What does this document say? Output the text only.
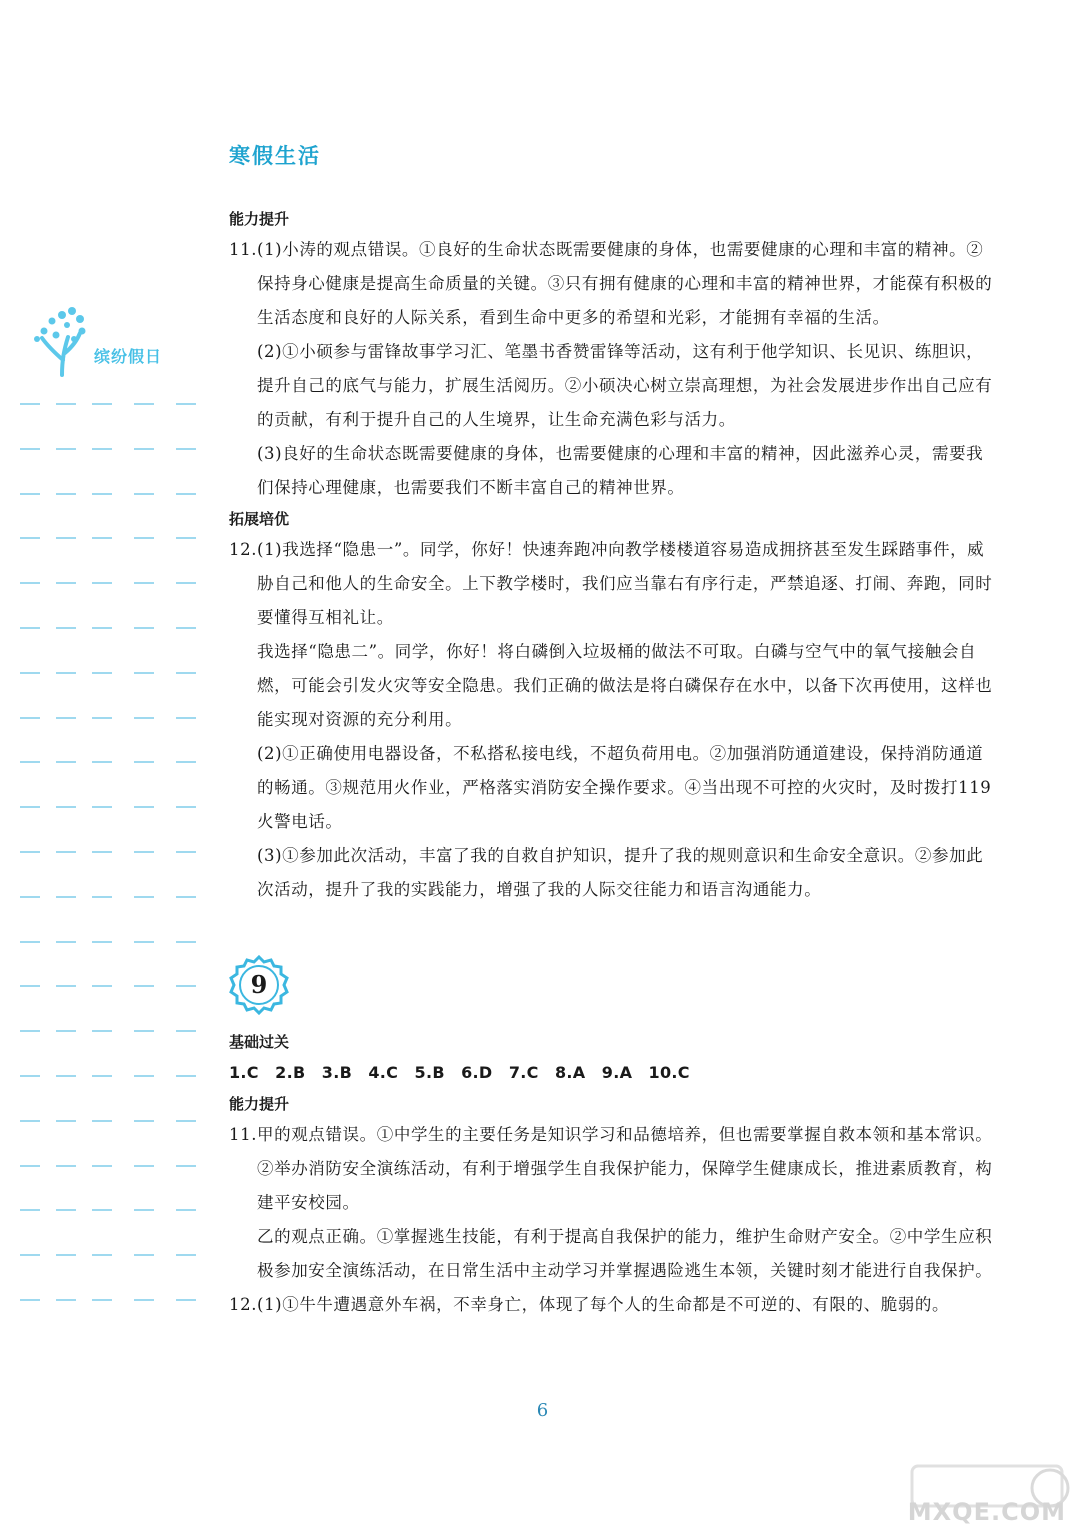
寒假生活
缤纷假日

能力提升

11.(1)小涛的观点错误。①良好的生命状态既需要健康的身体，也需要健康的心理和丰富的精神。②保持身心健康是提高生命质量的关键。③只有拥有健康的心理和丰富的精神世界，才能葆有积极的生活态度和良好的人际关系，看到生命中更多的希望和光彩，才能拥有幸福的生活。

(2)①小硕参与雷锋故事学习汇、笔墨书香赞雷锋等活动，这有利于他学知识、长见识、练胆识，提升自己的底气与能力，扩展生活阅历。②小硕决心树立崇高理想，为社会发展进步作出自己应有的贡献，有利于提升自己的人生境界，让生命充满色彩与活力。

(3)良好的生命状态既需要健康的身体，也需要健康的心理和丰富的精神，因此滋养心灵，需要我们保持心理健康，也需要我们不断丰富自己的精神世界。

拓展培优

12.(1)我选择“隐患一”。同学，你好！快速奔跑冲向教学楼楼道容易造成拥挤甚至发生踩踏事件，威胁自己和他人的生命安全。上下教学楼时，我们应当靠右有序行走，严禁追逐、打闹、奔跑，同时要懂得互相礼让。

我选择“隐患二”。同学，你好！将白磷倒入垃圾桶的做法不可取。白磷与空气中的氧气接触会自燃，可能会引发火灾等安全隐患。我们正确的做法是将白磷保存在水中，以备下次再使用，这样也能实现对资源的充分利用。

(2)①正确使用电器设备，不私搭私接电线，不超负荷用电。②加强消防通道建设，保持消防通道的畅通。③规范用火作业，严格落实消防安全操作要求。④当出现不可控的火灾时，及时拨打119火警电话。

(3)①参加此次活动，丰富了我的自救自护知识，提升了我的规则意识和生命安全意识。②参加此次活动，提升了我的实践能力，增强了我的人际交往能力和语言沟通能力。

9

基础过关

1.C　2.B　3.B　4.C　5.B　6.D　7.C　8.A　9.A　10.C

能力提升

11.甲的观点错误。①中学生的主要任务是知识学习和品德培养，但也需要掌握自救本领和基本常识。②举办消防安全演练活动，有利于增强学生自我保护能力，保障学生健康成长，推进素质教育，构建平安校园。

乙的观点正确。①掌握逃生技能，有利于提高自我保护的能力，维护生命财产安全。②中学生应积极参加安全演练活动，在日常生活中主动学习并掌握遇险逃生本领，关键时刻才能进行自我保护。

12.(1)①牛牛遭遇意外车祸，不幸身亡，体现了每个人的生命都是不可逆的、有限的、脆弱的。

6
MXQE.COM
